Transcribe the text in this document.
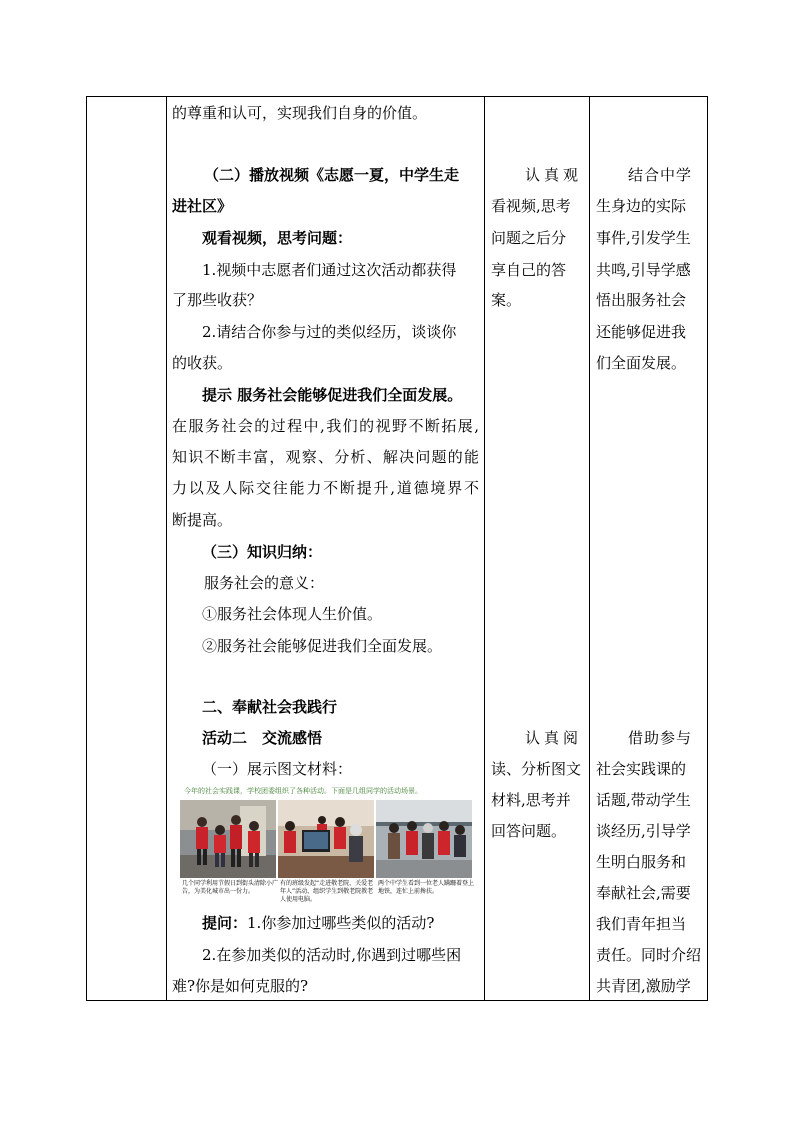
的尊重和认可，实现我们自身的价值。
（二）播放视频《志愿一夏，中学生走
进社区》
观看视频，思考问题：
1.视频中志愿者们通过这次活动都获得
了那些收获？
2.请结合你参与过的类似经历，谈谈你
的收获。
提示 服务社会能够促进我们全面发展。
在服务社会的过程中,我们的视野不断拓展,
知识不断丰富，观察、分析、解决问题的能
力以及人际交往能力不断提升,道德境界不
断提高。
（三）知识归纳：
服务社会的意义：
①服务社会体现人生价值。
②服务社会能够促进我们全面发展。
二、奉献社会我践行
活动二　交流感悟
（一）展示图文材料：
提问：1.你参加过哪些类似的活动?
2.在参加类似的活动时,你遇到过哪些困
难?你是如何克服的?
认真观
看视频,思考
问题之后分
享自己的答
案。
认真阅
读、分析图文
材料,思考并
回答问题。
结合中学
生身边的实际
事件,引发学生
共鸣,引导学感
悟出服务社会
还能够促进我
们全面发展。
借助参与
社会实践课的
话题,带动学生
谈经历,引导学
生明白服务和
奉献社会,需要
我们青年担当
责任。同时介绍
共青团,激励学
今年的社会实践课，学校团委组织了各种活动。下面是几组同学的活动场景。
几个同学利用节假日到街头清除小广告，为美化城市出一份力。
有的班级发起“走进敬老院，关爱老年人”活动，组织学生到敬老院教老人使用电脑。
两个中学生看到一位老人蹒跚着登上地铁，连忙上前搀扶。
